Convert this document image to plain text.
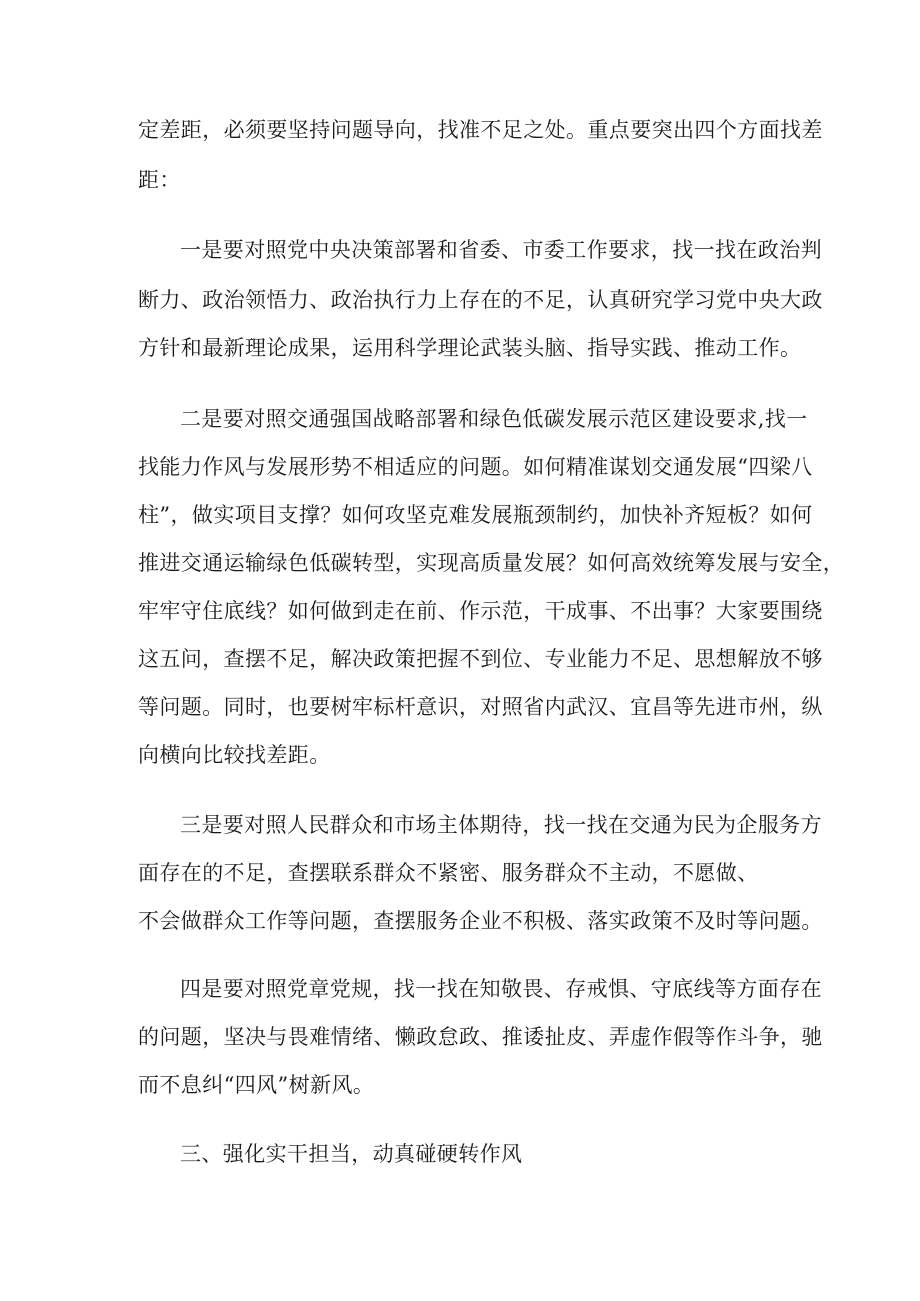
定差距，必须要坚持问题导向，找准不足之处。重点要突出四个方面找差

距：

一是要对照党中央决策部署和省委、市委工作要求，找一找在政治判

断力、政治领悟力、政治执行力上存在的不足，认真研究学习党中央大政

方针和最新理论成果，运用科学理论武装头脑、指导实践、推动工作。

二是要对照交通强国战略部署和绿色低碳发展示范区建设要求,找一

找能力作风与发展形势不相适应的问题。如何精准谋划交通发展“四梁八

柱”，做实项目支撑？如何攻坚克难发展瓶颈制约，加快补齐短板？如何

推进交通运输绿色低碳转型，实现高质量发展？如何高效统筹发展与安全，

牢牢守住底线？如何做到走在前、作示范，干成事、不出事？大家要围绕

这五问，查摆不足，解决政策把握不到位、专业能力不足、思想解放不够

等问题。同时，也要树牢标杆意识，对照省内武汉、宜昌等先进市州，纵

向横向比较找差距。

三是要对照人民群众和市场主体期待，找一找在交通为民为企服务方

面存在的不足，查摆联系群众不紧密、服务群众不主动，不愿做、

不会做群众工作等问题，查摆服务企业不积极、落实政策不及时等问题。

四是要对照党章党规，找一找在知敬畏、存戒惧、守底线等方面存在

的问题，坚决与畏难情绪、懒政怠政、推诿扯皮、弄虚作假等作斗争，驰

而不息纠“四风”树新风。

三、强化实干担当，动真碰硬转作风
